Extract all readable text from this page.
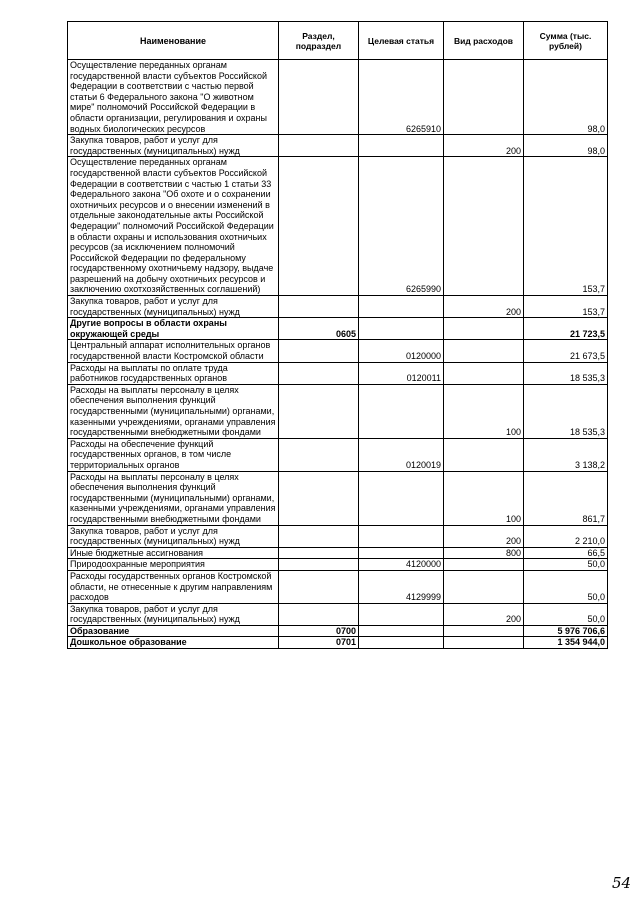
Наименование	Раздел, подраздел	Целевая статья	Вид расходов	Сумма (тыс. рублей)
Осуществление переданных органам государственной власти субъектов Российской Федерации в соответствии с частью первой статьи 6 Федерального закона "О животном мире" полномочий Российской Федерации в области организации, регулирования и охраны водных биологических ресурсов		6265910		98,0
Закупка товаров, работ и услуг для государственных (муниципальных) нужд			200	98,0
Осуществление переданных органам государственной власти субъектов Российской Федерации в соответствии с частью 1 статьи 33 Федерального закона "Об охоте и о сохранении охотничьих ресурсов и о внесении изменений в отдельные законодательные акты Российской Федерации" полномочий Российской Федерации в области охраны и использования охотничьих ресурсов (за исключением полномочий Российской Федерации по федеральному государственному охотничьему надзору, выдаче разрешений на добычу охотничьих ресурсов и заключению охотхозяйственных соглашений)		6265990		153,7
Закупка товаров, работ и услуг для государственных (муниципальных) нужд			200	153,7
Другие вопросы в области охраны окружающей среды	0605			21 723,5
Центральный аппарат исполнительных органов государственной власти Костромской области		0120000		21 673,5
Расходы на выплаты по оплате труда работников государственных органов		0120011		18 535,3
Расходы на выплаты персоналу в целях обеспечения выполнения функций государственными (муниципальными) органами, казенными учреждениями, органами управления государственными внебюджетными фондами			100	18 535,3
Расходы на обеспечение функций государственных органов, в том числе территориальных органов		0120019		3 138,2
Расходы на выплаты персоналу в целях обеспечения выполнения функций государственными (муниципальными) органами, казенными учреждениями, органами управления государственными внебюджетными фондами			100	861,7
Закупка товаров, работ и услуг для государственных (муниципальных) нужд			200	2 210,0
Иные бюджетные ассигнования			800	66,5
Природоохранные мероприятия		4120000		50,0
Расходы государственных органов Костромской области, не отнесенные к другим направлениям расходов		4129999		50,0
Закупка товаров, работ и услуг для государственных (муниципальных) нужд			200	50,0
Образование	0700			5 976 706,6
Дошкольное образование	0701			1 354 944,0
54
